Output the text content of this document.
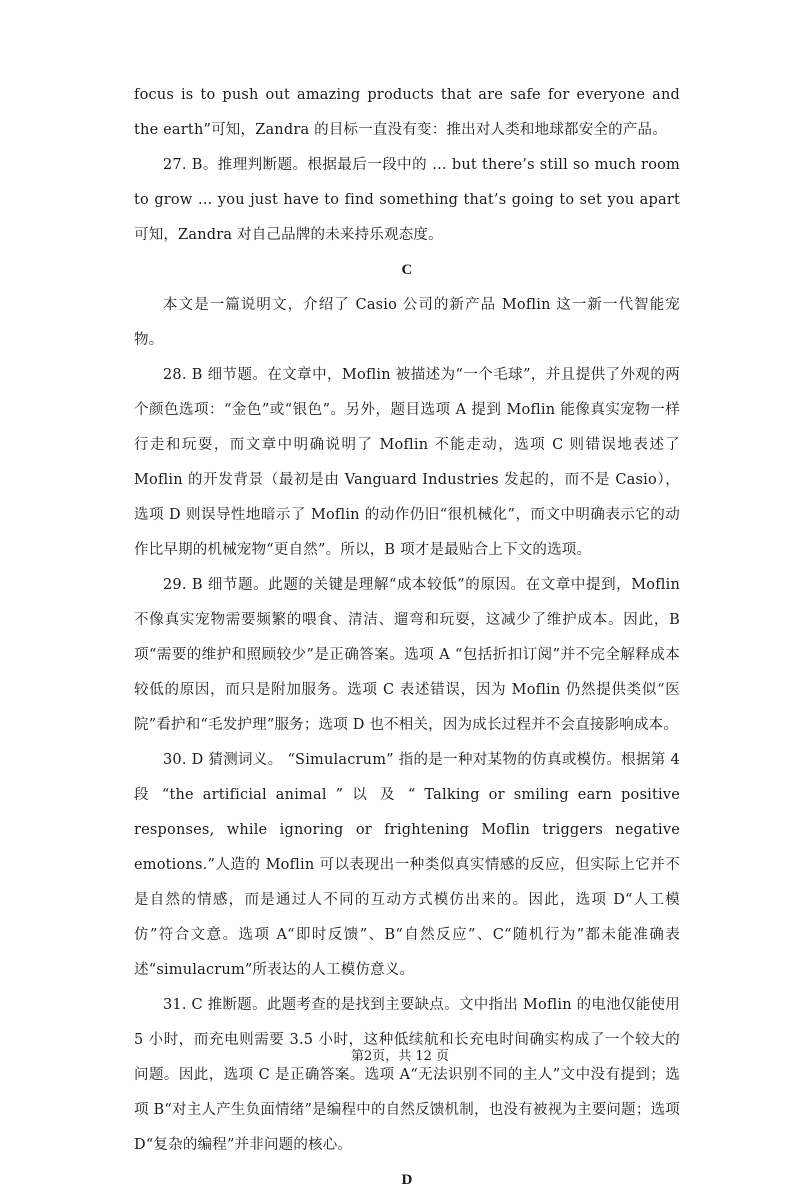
focus is to push out amazing products that are safe for everyone and the earth”可知，Zandra 的目标一直没有变：推出对人类和地球都安全的产品。

27. B。推理判断题。根据最后一段中的 … but there’s still so much room to grow … you just have to find something that’s going to set you apart 可知，Zandra 对自己品牌的未来持乐观态度。

C

本文是一篇说明文，介绍了 Casio 公司的新产品 Moflin 这一新一代智能宠物。

28. B 细节题。在文章中，Moflin 被描述为“一个毛球”，并且提供了外观的两个颜色选项：“金色”或“银色”。另外，题目选项 A 提到 Moflin 能像真实宠物一样行走和玩耍，而文章中明确说明了 Moflin 不能走动，选项 C 则错误地表述了 Moflin 的开发背景（最初是由 Vanguard Industries 发起的，而不是 Casio），选项 D 则误导性地暗示了 Moflin 的动作仍旧“很机械化”，而文中明确表示它的动作比早期的机械宠物“更自然”。所以，B 项才是最贴合上下文的选项。

29. B 细节题。此题的关键是理解“成本较低”的原因。在文章中提到，Moflin 不像真实宠物需要频繁的喂食、清洁、遛弯和玩耍，这减少了维护成本。因此，B 项“需要的维护和照顾较少”是正确答案。选项 A “包括折扣订阅”并不完全解释成本较低的原因，而只是附加服务。选项 C 表述错误，因为 Moflin 仍然提供类似“医院”看护和“毛发护理”服务；选项 D 也不相关，因为成长过程并不会直接影响成本。

30. D 猜测词义。 “Simulacrum” 指的是一种对某物的仿真或模仿。根据第 4 段 “the artificial animal ” 以 及 “ Talking or smiling earn positive responses, while ignoring or frightening Moflin triggers negative emotions.”人造的 Moflin 可以表现出一种类似真实情感的反应，但实际上它并不是自然的情感，而是通过人不同的互动方式模仿出来的。因此，选项 D“人工模仿”符合文意。选项 A“即时反馈”、B“自然反应”、C“随机行为”都未能准确表述“simulacrum”所表达的人工模仿意义。

31. C 推断题。此题考查的是找到主要缺点。文中指出 Moflin 的电池仅能使用 5 小时，而充电则需要 3.5 小时，这种低续航和长充电时间确实构成了一个较大的问题。因此，选项 C 是正确答案。选项 A“无法识别不同的主人”文中没有提到；选项 B“对主人产生负面情绪”是编程中的自然反馈机制，也没有被视为主要问题；选项 D“复杂的编程”并非问题的核心。

D

第2页，共 12 页
